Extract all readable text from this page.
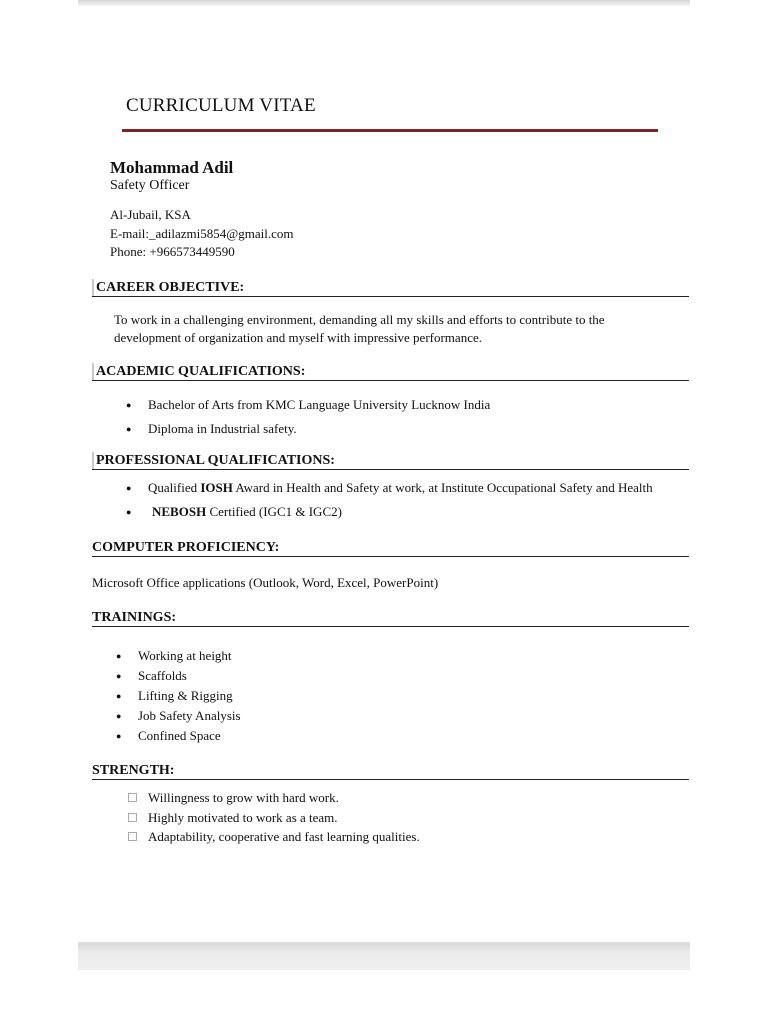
CURRICULUM VITAE
Mohammad Adil
Safety Officer
Al-Jubail, KSA
E-mail:_adilazmi5854@gmail.com
Phone: +966573449590
CAREER OBJECTIVE:
To work in a challenging environment, demanding all my skills and efforts to contribute to the
development of organization and myself with impressive performance.
ACADEMIC QUALIFICATIONS:
● Bachelor of Arts from KMC Language University Lucknow India
● Diploma in Industrial safety.
PROFESSIONAL QUALIFICATIONS:
● Qualified IOSH Award in Health and Safety at work, at Institute Occupational Safety and Health
● NEBOSH Certified (IGC1 & IGC2)
COMPUTER PROFICIENCY:
Microsoft Office applications (Outlook, Word, Excel, PowerPoint)
TRAININGS:
● Working at height
● Scaffolds
● Lifting & Rigging
● Job Safety Analysis
● Confined Space
STRENGTH:
Willingness to grow with hard work.
Highly motivated to work as a team.
Adaptability, cooperative and fast learning qualities.
